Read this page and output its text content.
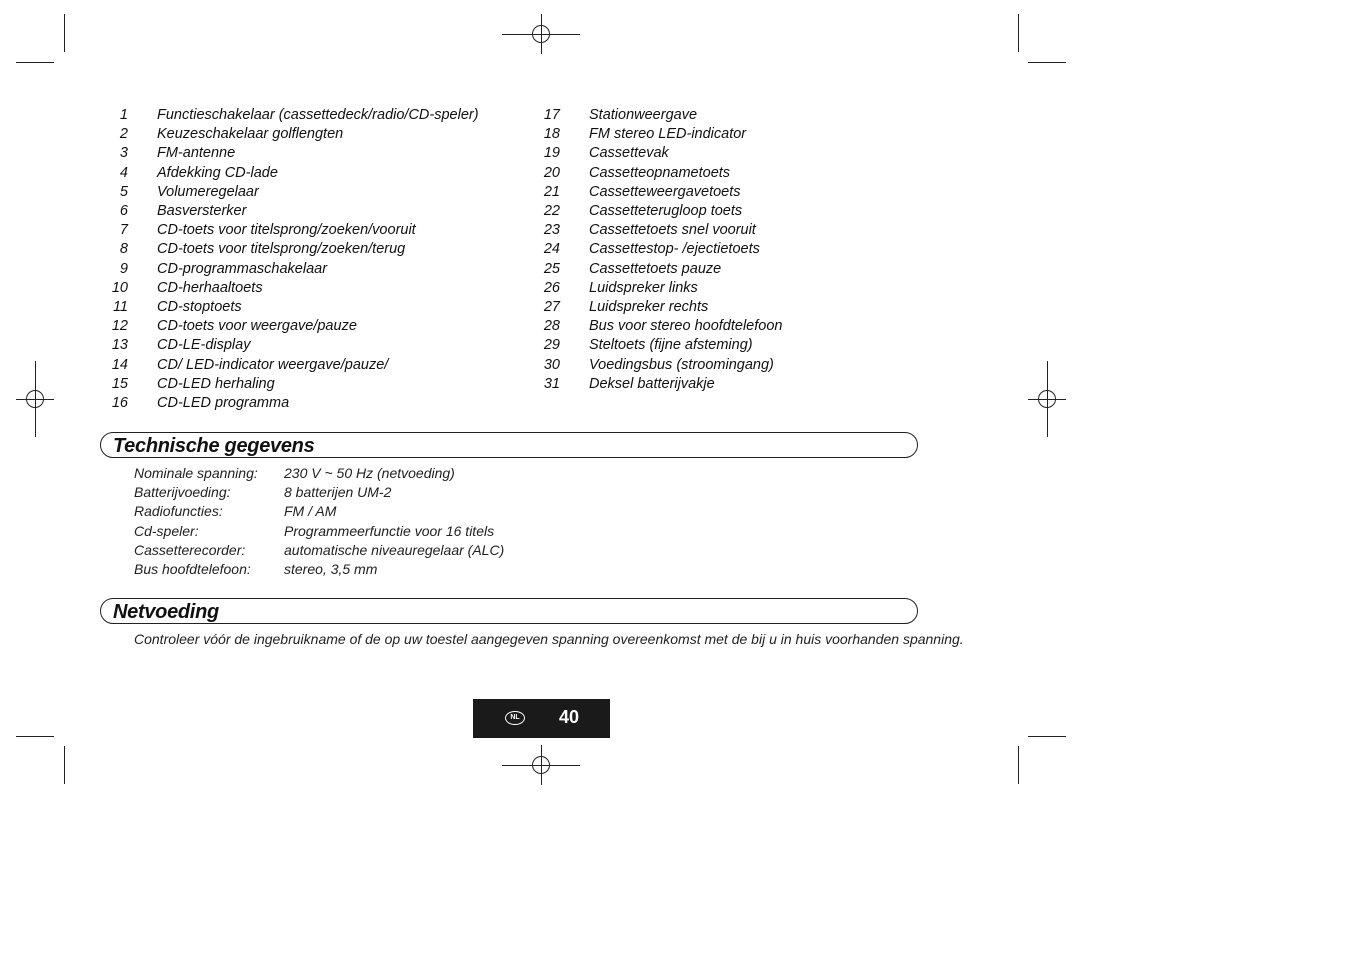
1 Functieschakelaar (cassettedeck/radio/CD-speler)
2 Keuzeschakelaar golflengten
3 FM-antenne
4 Afdekking CD-lade
5 Volumeregelaar
6 Basversterker
7 CD-toets voor titelsprong/zoeken/vooruit
8 CD-toets voor titelsprong/zoeken/terug
9 CD-programmaschakelaar
10 CD-herhaaltoets
11 CD-stoptoets
12 CD-toets voor weergave/pauze
13 CD-LE-display
14 CD/ LED-indicator weergave/pauze/
15 CD-LED herhaling
16 CD-LED programma
17 Stationweergave
18 FM stereo LED-indicator
19 Cassettevak
20 Cassetteopnametoets
21 Cassetteweergavetoets
22 Cassetteterugloop toets
23 Cassettetoets snel vooruit
24 Cassettestop- /ejectietoets
25 Cassettetoets pauze
26 Luidspreker links
27 Luidspreker rechts
28 Bus voor stereo hoofdtelefoon
29 Steltoets (fijne afsteming)
30 Voedingsbus (stroomingang)
31 Deksel batterijvakje
Technische gegevens
Nominale spanning: 230 V ~ 50 Hz (netvoeding)
Batterijvoeding:	8 batterijen UM-2
Radiofuncties:	FM / AM
Cd-speler:	Programmeerfunctie voor 16 titels
Cassetterecorder:	automatische niveauregelaar (ALC)
Bus hoofdtelefoon: stereo, 3,5 mm
Netvoeding
Controleer vóór de ingebruikname of de op uw toestel aangegeven spanning overeenkomst met de bij u in huis voorhanden spanning.
NL 40
